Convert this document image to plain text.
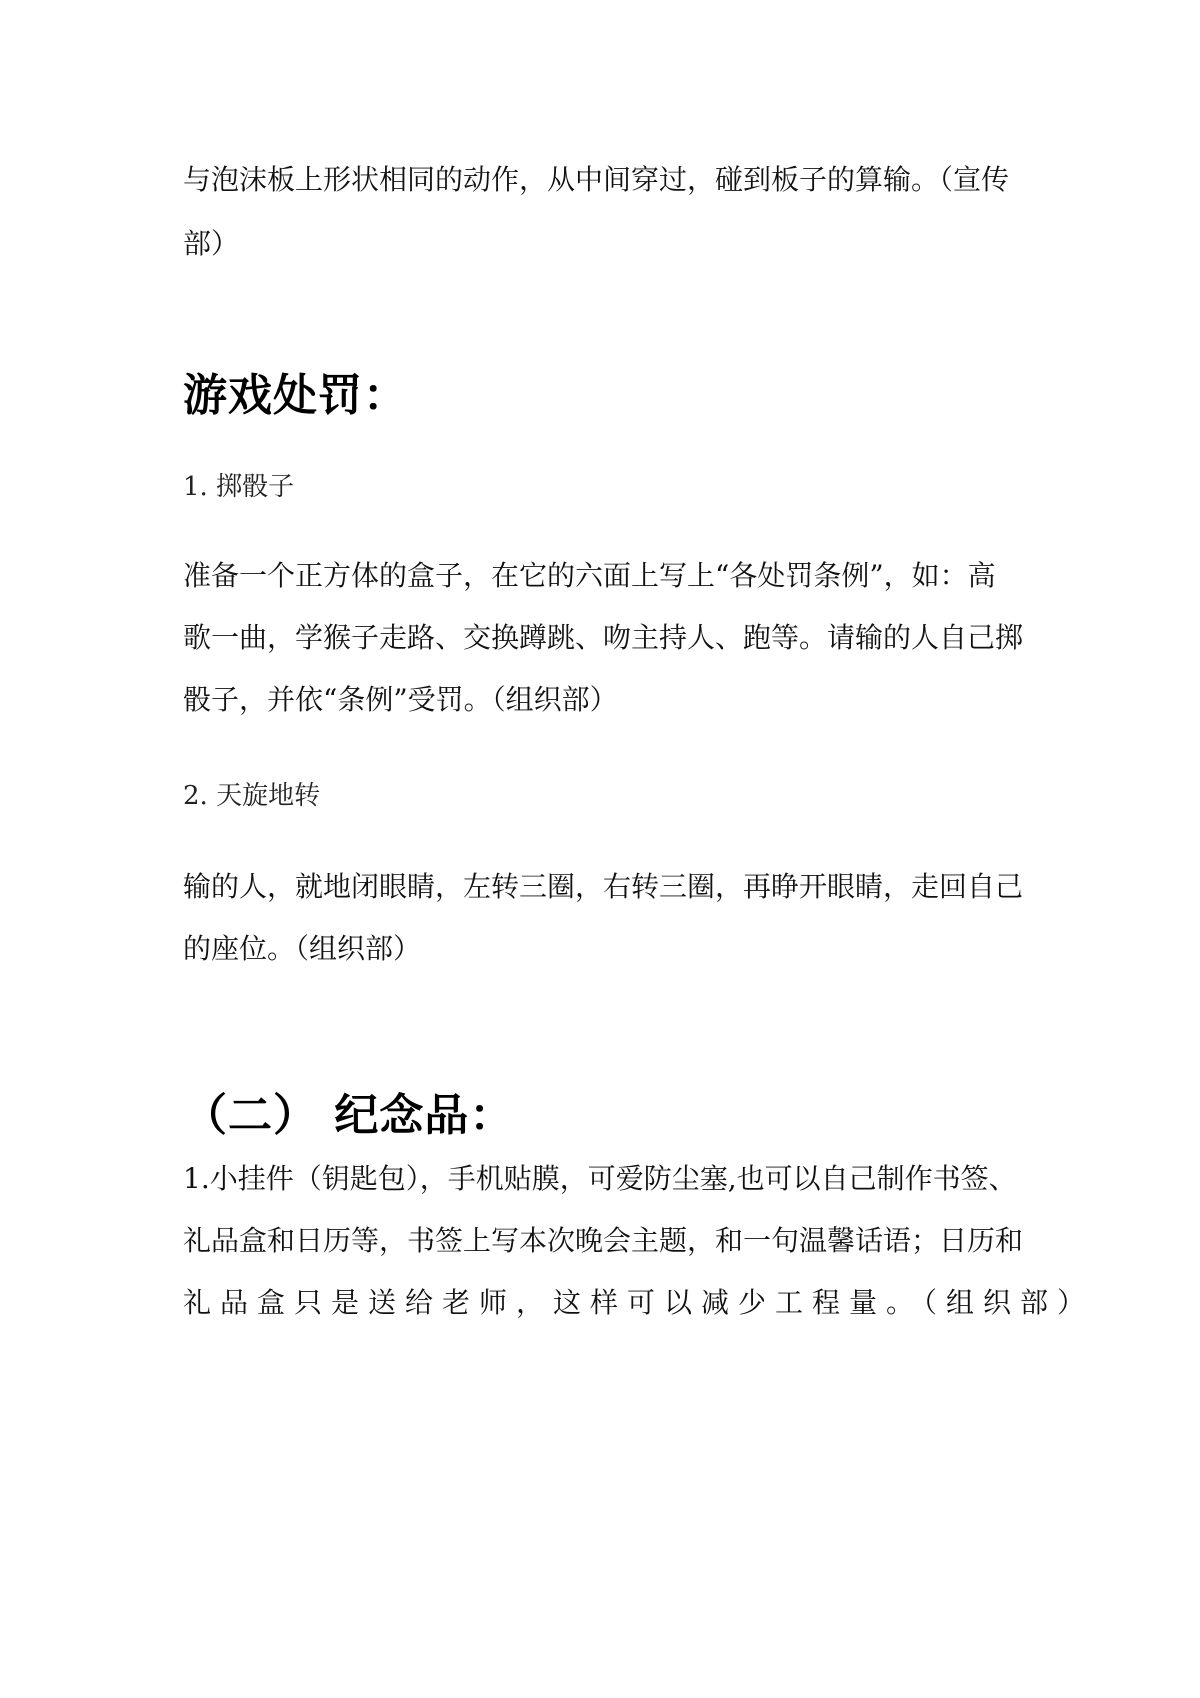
与泡沫板上形状相同的动作，从中间穿过，碰到板子的算输。（宣传
部）
游戏处罚：
1. 掷骰子
准备一个正方体的盒子，在它的六面上写上“各处罚条例”，如：高
歌一曲，学猴子走路、交换蹲跳、吻主持人、跑等。请输的人自己掷
骰子，并依“条例”受罚。（组织部）
2. 天旋地转
输的人，就地闭眼睛，左转三圈，右转三圈，再睁开眼睛，走回自己
的座位。（组织部）
（二） 纪念品：
1.小挂件（钥匙包），手机贴膜，可爱防尘塞,也可以自己制作书签、
礼品盒和日历等，书签上写本次晚会主题，和一句温馨话语；日历和
礼品盒只是送给老师，这样可以减少工程量。（组织部）
